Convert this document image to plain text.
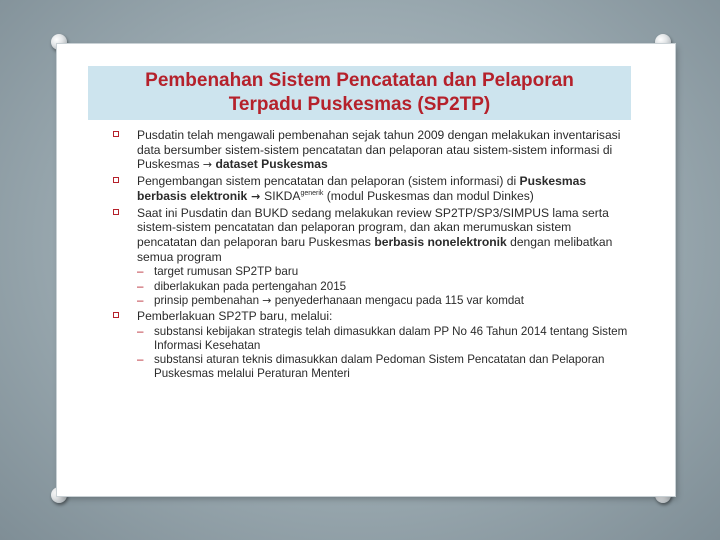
Pembenahan Sistem Pencatatan dan Pelaporan
Terpadu Puskesmas (SP2TP)
Pusdatin telah mengawali pembenahan sejak tahun 2009 dengan melakukan inventarisasi data bersumber sistem-sistem pencatatan dan pelaporan atau sistem-sistem informasi di Puskesmas → dataset Puskesmas
Pengembangan sistem pencatatan dan pelaporan (sistem informasi) di Puskesmas berbasis elektronik → $SIKDA^{generik}$ (modul Puskesmas dan modul Dinkes)
Saat ini Pusdatin dan BUKD sedang melakukan review SP2TP/SP3/SIMPUS lama serta sistem-sistem pencatatan dan pelaporan program, dan akan merumuskan sistem pencatatan dan pelaporan baru Puskesmas berbasis nonelektronik dengan melibatkan semua program
– target rumusan SP2TP baru
– diberlakukan pada pertengahan 2015
– prinsip pembenahan → penyederhanaan mengacu pada 115 var komdat
Pemberlakuan SP2TP baru, melalui:
– substansi kebijakan strategis telah dimasukkan dalam PP No 46 Tahun 2014 tentang Sistem Informasi Kesehatan
– substansi aturan teknis dimasukkan dalam Pedoman Sistem Pencatatan dan Pelaporan Puskesmas melalui Peraturan Menteri
